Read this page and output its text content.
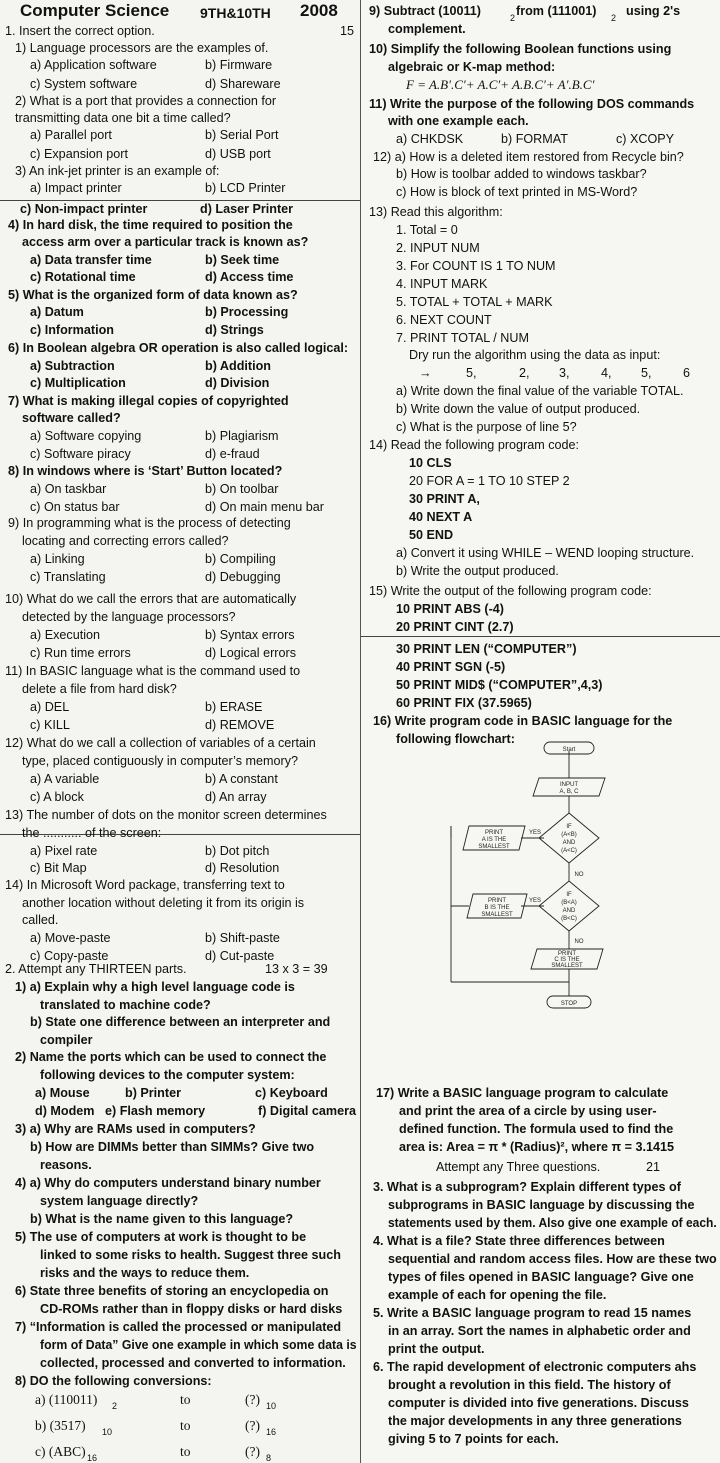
Computer Science 9TH&10TH 2008
1. Insert the correct option.	15
1) Language processors are the examples of.
a) Application software	b) Firmware
c) System software	d) Shareware
2) What is a port that provides a connection for
transmitting data one bit a time called?
a) Parallel port	b) Serial Port
c) Expansion port	d) USB port
3) An ink-jet printer is an example of:
a) Impact printer	b) LCD Printer
c) Non-impact printer	d) Laser Printer
4) In hard disk, the time required to position the
access arm over a particular track is known as?
a) Data transfer time	b) Seek time
c) Rotational time	d) Access time
5) What is the organized form of data known as?
a) Datum	b) Processing
c) Information	d) Strings
6) In Boolean algebra OR operation is also called logical:
a) Subtraction	b) Addition
c) Multiplication	d) Division
7) What is making illegal copies of copyrighted
software called?
a) Software copying	b) Plagiarism
c) Software piracy	d) e-fraud
8) In windows where is ‘Start’ Button located?
a) On taskbar	b) On toolbar
c) On status bar	d) On main menu bar
9) In programming what is the process of detecting
locating and correcting errors called?
a) Linking	b) Compiling
c) Translating	d) Debugging
10) What do we call the errors that are automatically
detected by the language processors?
a) Execution	b) Syntax errors
c) Run time errors	d) Logical errors
11) In BASIC language what is the command used to
delete a file from hard disk?
a) DEL	b) ERASE
c) KILL	d) REMOVE
12) What do we call a collection of variables of a certain
type, placed contiguously in computer’s memory?
a) A variable	b) A constant
c) A block	d) An array
13) The number of dots on the monitor screen determines
the ........... of the screen:
a) Pixel rate	b) Dot pitch
c) Bit Map	d) Resolution
14) In Microsoft Word package, transferring text to
another location without deleting it from its origin is
called.
a) Move-paste	b) Shift-paste
c) Copy-paste	d) Cut-paste
2. Attempt any THIRTEEN parts.	13 x 3 = 39
1) a) Explain why a high level language code is
translated to machine code?
b) State one difference between an interpreter and
compiler
2) Name the ports which can be used to connect the
following devices to the computer system:
a) Mouse	b) Printer	c) Keyboard
d) Modem e) Flash memory	f) Digital camera
3) a) Why are RAMs used in computers?
b) How are DIMMs better than SIMMs? Give two
reasons.
4) a) Why do computers understand binary number
system language directly?
b) What is the name given to this language?
5) The use of computers at work is thought to be
linked to some risks to health. Suggest three such
risks and the ways to reduce them.
6) State three benefits of storing an encyclopedia on
CD-ROMs rather than in floppy disks or hard disks
7) “Information is called the processed or manipulated
form of Data” Give one example in which some data is
collected, processed and converted to information.
8) DO the following conversions:
a) (110011) 2	to	(?) 10
b) (3517) 10	to	(?) 16
c) (ABC) 16	to	(?) 8
9) Subtract (10011)	from (111001) using 2's
complement.
10) Simplify the following Boolean functions using
algebraic or K-map method:
F = A.B′.C′+ A.C′+ A.B.C′+ A′.B.C′
11) Write the purpose of the following DOS commands
with one example each.
a) CHKDSK	b) FORMAT	c) XCOPY
12) a) How is a deleted item restored from Recycle bin?
b) How is toolbar added to windows taskbar?
c) How is block of text printed in MS-Word?
13) Read this algorithm:
1. Total = 0
2. INPUT NUM
3. For COUNT IS 1 TO NUM
4. INPUT MARK
5. TOTAL + TOTAL + MARK
6. NEXT COUNT
7. PRINT TOTAL / NUM
Dry run the algorithm using the data as input:
→	5,	2, 3, 4, 5, 6
a) Write down the final value of the variable TOTAL.
b) Write down the value of output produced.
c) What is the purpose of line 5?
14) Read the following program code:
10 CLS
20 FOR A = 1 TO 10 STEP 2
30 PRINT A,
40 NEXT A
50 END
a) Convert it using WHILE – WEND looping structure.
b) Write the output produced.
15) Write the output of the following program code:
10 PRINT ABS (-4)
20 PRINT CINT (2.7)
30 PRINT LEN (“COMPUTER”)
40 PRINT SGN (-5)
50 PRINT MID$ (“COMPUTER”,4,3)
60 PRINT FIX (37.5965)
16) Write program code in BASIC language for the
following flowchart:
17) Write a BASIC language program to calculate
and print the area of a circle by using user-
defined function. The formula used to find the
area is: Area = π * (Radius)², where π = 3.1415
Attempt any Three questions.	21
3. What is a subprogram? Explain different types of
subprograms in BASIC language by discussing the
statements used by them. Also give one example of each.
4. What is a file? State three differences between
sequential and random access files. How are these two
types of files opened in BASIC language? Give one
example of each for opening the file.
5. Write a BASIC language program to read 15 names
in an array. Sort the names in alphabetic order and
print the output.
6. The rapid development of electronic computers ahs
brought a revolution in this field. The history of
computer is divided into five generations. Discuss
the major developments in any three generations
giving 5 to 7 points for each.
2	2
Start
INPUT
A, B, C
IF
(A<B)
AND
(A<C)
IF
(B<A)
AND
(B<C)
PRINT
A IS THE
SMALLEST
PRINT
B IS THE
SMALLEST
PRINT
C IS THE
SMALLEST
YES
YES
NO
NO
STOP
